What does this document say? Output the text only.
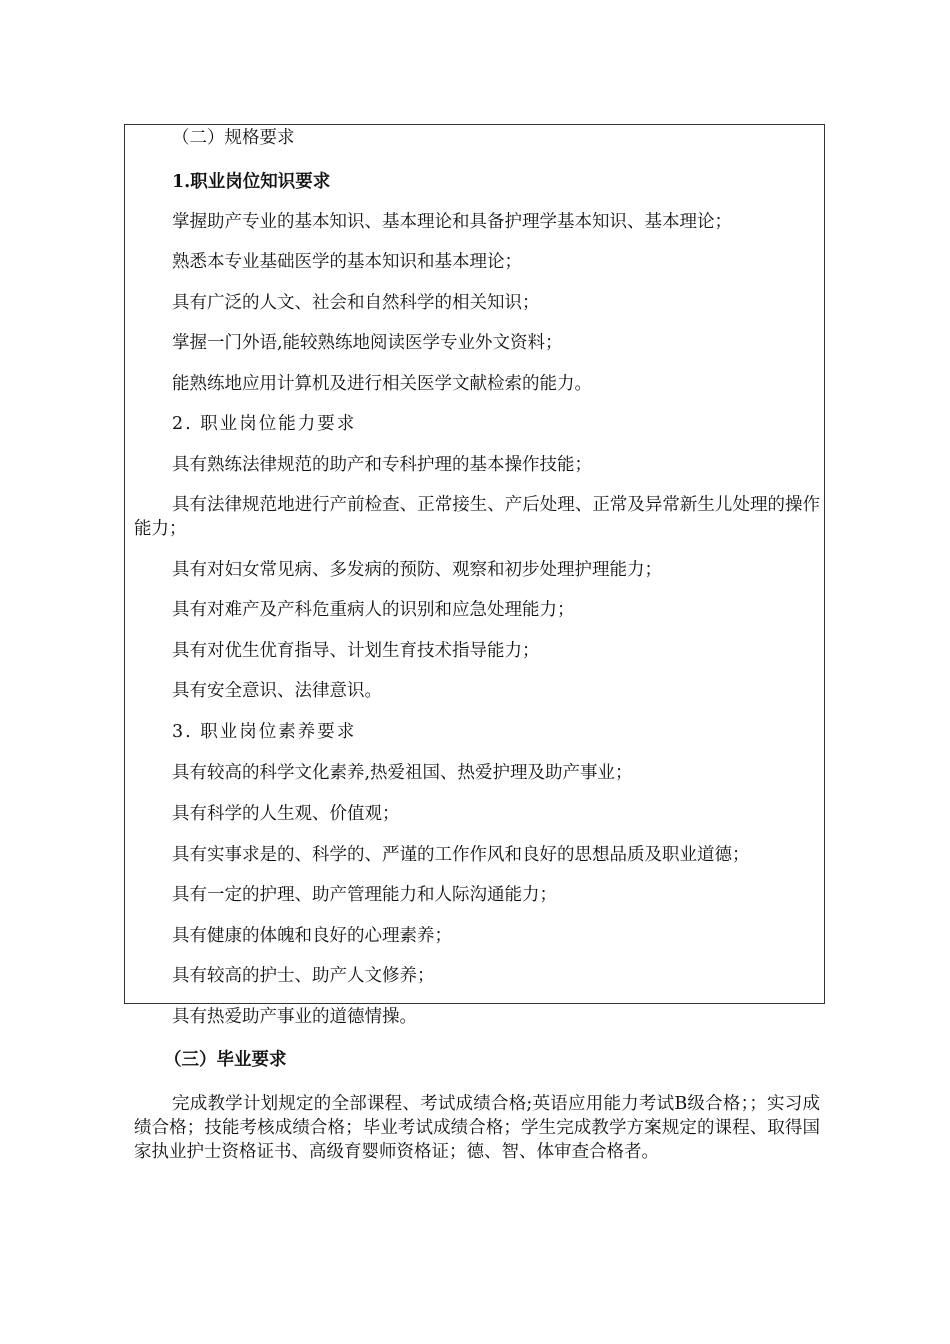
（二）规格要求

1.职业岗位知识要求

掌握助产专业的基本知识、基本理论和具备护理学基本知识、基本理论；

熟悉本专业基础医学的基本知识和基本理论；

具有广泛的人文、社会和自然科学的相关知识；

掌握一门外语,能较熟练地阅读医学专业外文资料；

能熟练地应用计算机及进行相关医学文献检索的能力。

2. 职业岗位能力要求

具有熟练法律规范的助产和专科护理的基本操作技能；

具有法律规范地进行产前检查、正常接生、产后处理、正常及异常新生儿处理的操作能力；

具有对妇女常见病、多发病的预防、观察和初步处理护理能力；

具有对难产及产科危重病人的识别和应急处理能力；

具有对优生优育指导、计划生育技术指导能力；

具有安全意识、法律意识。

3. 职业岗位素养要求

具有较高的科学文化素养,热爱祖国、热爱护理及助产事业；

具有科学的人生观、价值观；

具有实事求是的、科学的、严谨的工作作风和良好的思想品质及职业道德；

具有一定的护理、助产管理能力和人际沟通能力；

具有健康的体魄和良好的心理素养；

具有较高的护士、助产人文修养；

具有热爱助产事业的道德情操。

（三）毕业要求

完成教学计划规定的全部课程、考试成绩合格;英语应用能力考试B级合格；；实习成绩合格；技能考核成绩合格；毕业考试成绩合格；学生完成教学方案规定的课程、取得国家执业护士资格证书、高级育婴师资格证；德、智、体审查合格者。
